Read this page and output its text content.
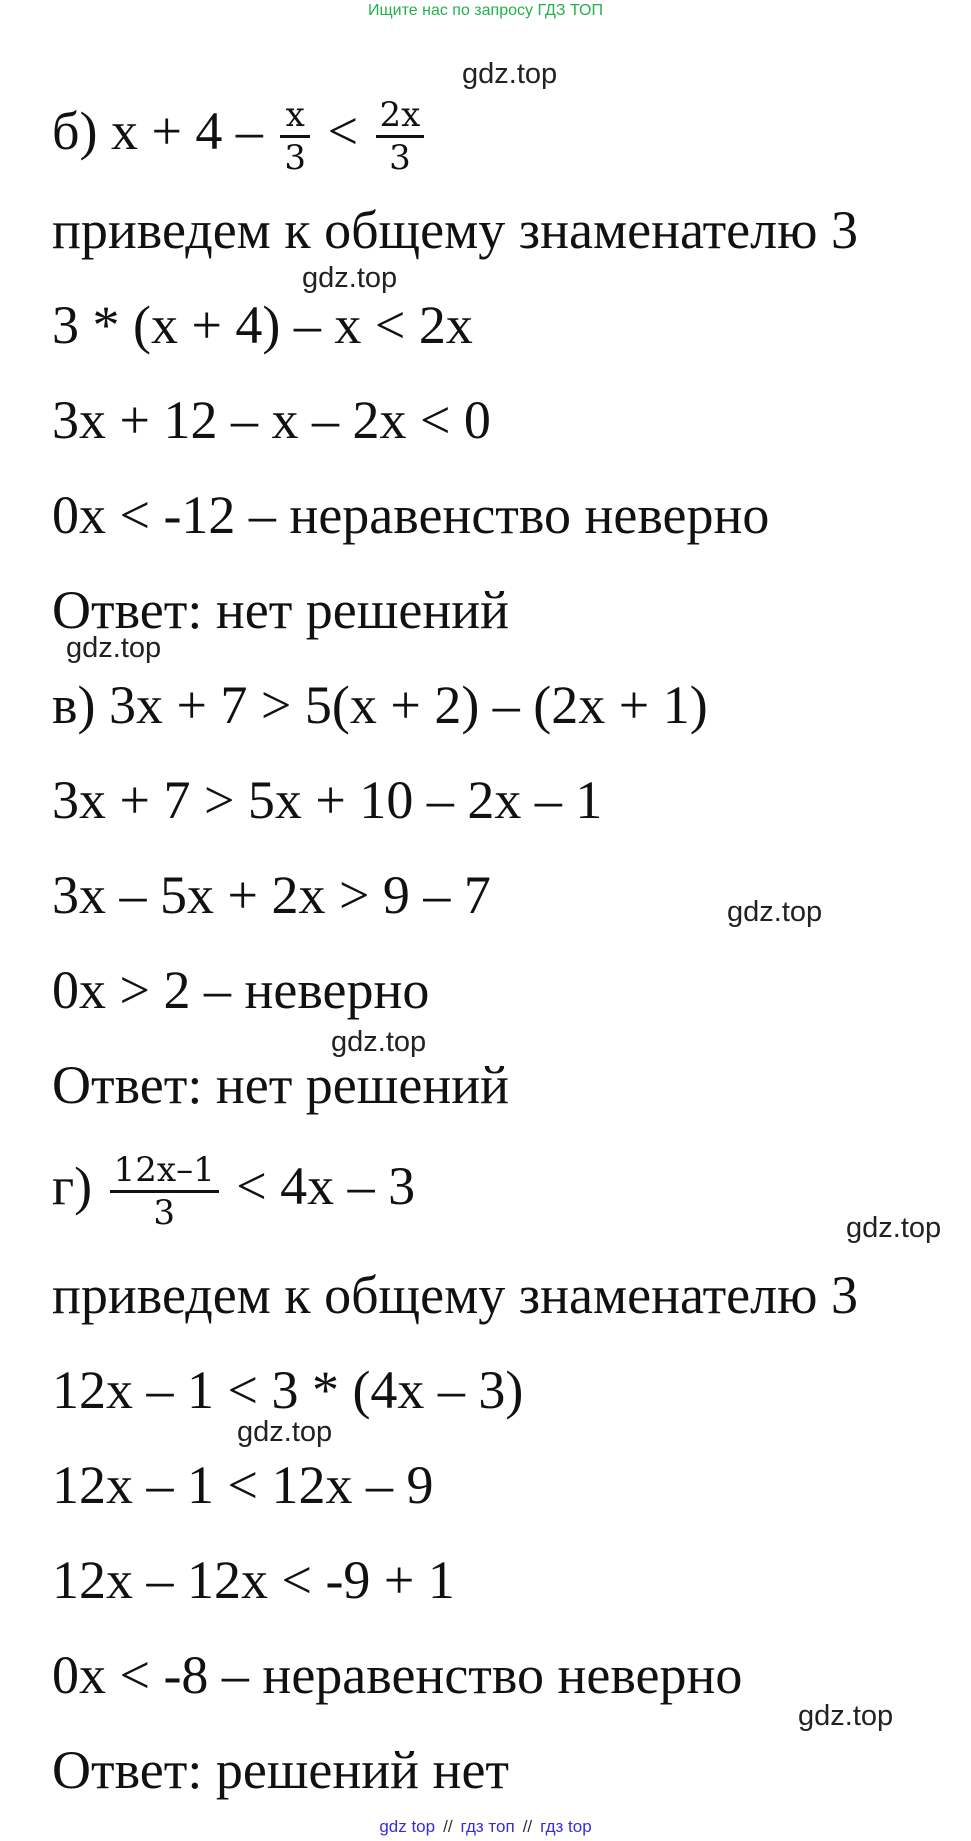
Ищите нас по запросу ГДЗ ТОП
б) $x + 4 - \frac{x}{3} < \frac{2x}{3}$
gdz.top
приведем к общему знаменателю 3
gdz.top
3 * (x + 4) – x < 2x
3x + 12 – x – 2x < 0
0x < -12 – неравенство неверно
Ответ: нет решений
gdz.top
в) 3x + 7 > 5(x + 2) – (2x + 1)
3x + 7 > 5x + 10 – 2x – 1
3x – 5x + 2x > 9 – 7	gdz.top
0x > 2 – неверно
gdz.top
Ответ: нет решений
$г) \frac{12x-1}{3} < 4x - 3$
gdz.top
приведем к общему знаменателю 3
12x – 1 < 3 * (4x – 3)
gdz.top
12x – 1 < 12x – 9
12x – 12x < -9 + 1
0x < -8 – неравенство неверно
gdz.top
Ответ: решений нет
gdz top // гдз топ // гдз top
